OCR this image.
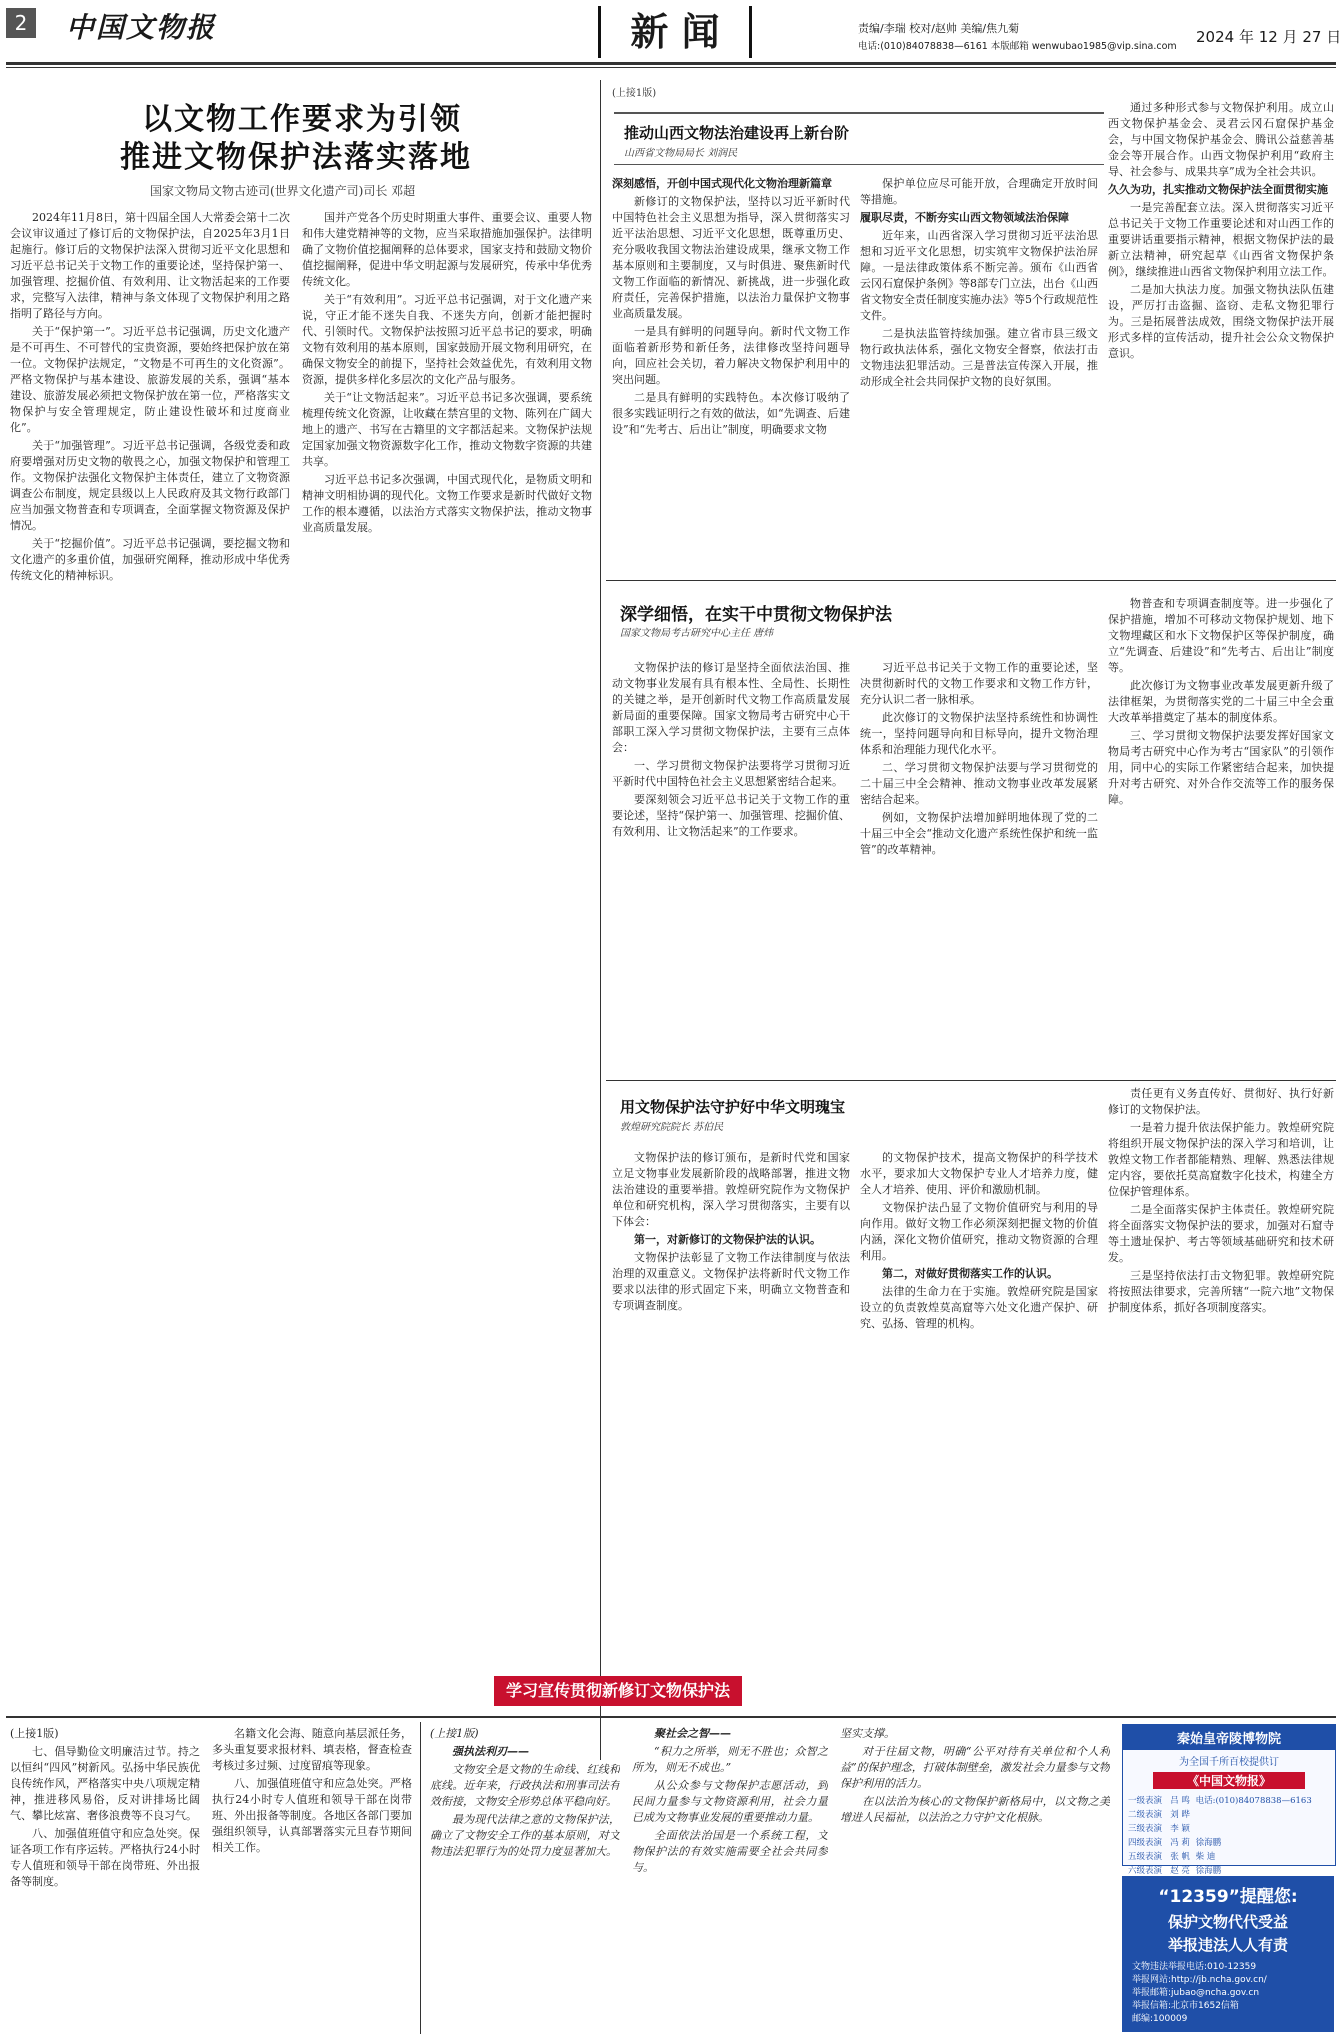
2	中国文物报	新 闻	责编/李瑞 校对/赵帅 美编/焦九菊
电话:(010)84078838—6161 本版邮箱 wenwubao1985@vip.sina.com
2024 年 12 月 27 日
以文物工作要求为引领
推进文物保护法落实落地
国家文物局文物古迹司(世界文化遗产司)司长 邓超

2024年11月8日，第十四届全国人大常委会第十二次会议审议通过了修订后的文物保护法，自2025年3月1日起施行。修订后的文物保护法深入贯彻习近平文化思想和习近平总书记关于文物工作的重要论述，坚持保护第一、加强管理、挖掘价值、有效利用、让文物活起来的工作要求，完整写入法律，精神与条文体现了文物保护利用之路指明了路径与方向。

关于“保护第一”。习近平总书记强调，历史文化遗产是不可再生、不可替代的宝贵资源，要始终把保护放在第一位。文物保护法规定，“文物是不可再生的文化资源”。严格文物保护与基本建设、旅游发展的关系，强调“基本建设、旅游发展必须把文物保护放在第一位，严格落实文物保护与安全管理规定，防止建设性破坏和过度商业化”。

关于“加强管理”。习近平总书记强调，各级党委和政府要增强对历史文物的敬畏之心，加强文物保护和管理工作。文物保护法强化文物保护主体责任，建立了文物资源调查公布制度，规定县级以上人民政府及其文物行政部门应当加强文物普查和专项调查，全面掌握文物资源及保护情况。

关于“挖掘价值”。习近平总书记强调，要挖掘文物和文化遗产的多重价值，加强研究阐释，推动形成中华优秀传统文化的精神标识。

国并产党各个历史时期重大事件、重要会议、重要人物和伟大建党精神等的文物，应当采取措施加强保护。法律明确了文物价值挖掘阐释的总体要求，国家支持和鼓励文物价值挖掘阐释，促进中华文明起源与发展研究，传承中华优秀传统文化。

关于“有效利用”。习近平总书记强调，对于文化遗产来说，守正才能不迷失自我、不迷失方向，创新才能把握时代、引领时代。文物保护法按照习近平总书记的要求，明确文物有效利用的基本原则，国家鼓励开展文物利用研究，在确保文物安全的前提下，坚持社会效益优先，有效利用文物资源，提供多样化多层次的文化产品与服务。

关于“让文物活起来”。习近平总书记多次强调，要系统梳理传统文化资源，让收藏在禁宫里的文物、陈列在广阔大地上的遗产、书写在古籍里的文字都活起来。文物保护法规定国家加强文物资源数字化工作，推动文物数字资源的共建共享。

习近平总书记多次强调，中国式现代化，是物质文明和精神文明相协调的现代化。文物工作要求是新时代做好文物工作的根本遵循，以法治方式落实文物保护法，推动文物事业高质量发展。

(上接1版)
推动山西文物法治建设再上新台阶
山西省文物局局长 刘润民

深刻感悟，开创中国式现代化文物治理新篇章

新修订的文物保护法，坚持以习近平新时代中国特色社会主义思想为指导，深入贯彻落实习近平法治思想、习近平文化思想，既尊重历史、充分吸收我国文物法治建设成果，继承文物工作基本原则和主要制度，又与时俱进、聚焦新时代文物工作面临的新情况、新挑战，进一步强化政府责任，完善保护措施，以法治力量保护文物事业高质量发展。

一是具有鲜明的问题导向。新时代文物工作面临着新形势和新任务，法律修改坚持问题导向，回应社会关切，着力解决文物保护利用中的突出问题。

二是具有鲜明的实践特色。本次修订吸纳了很多实践证明行之有效的做法，如“先调查、后建设”和“先考古、后出让”制度，明确要求文物

保护单位应尽可能开放，合理确定开放时间等措施。

履职尽责，不断夯实山西文物领域法治保障

近年来，山西省深入学习贯彻习近平法治思想和习近平文化思想，切实筑牢文物保护法治屏障。一是法律政策体系不断完善。颁布《山西省云冈石窟保护条例》等8部专门立法，出台《山西省文物安全责任制度实施办法》等5个行政规范性文件。

二是执法监管持续加强。建立省市县三级文物行政执法体系，强化文物安全督察，依法打击文物违法犯罪活动。三是普法宣传深入开展，推动形成全社会共同保护文物的良好氛围。

通过多种形式参与文物保护利用。成立山西文物保护基金会、灵君云冈石窟保护基金会，与中国文物保护基金会、腾讯公益慈善基金会等开展合作。山西文物保护利用“政府主导、社会参与、成果共享”成为全社会共识。

久久为功，扎实推动文物保护法全面贯彻实施

一是完善配套立法。深入贯彻落实习近平总书记关于文物工作重要论述和对山西工作的重要讲话重要指示精神，根据文物保护法的最新立法精神，研究起草《山西省文物保护条例》，继续推进山西省文物保护利用立法工作。

二是加大执法力度。加强文物执法队伍建设，严厉打击盗掘、盗窃、走私文物犯罪行为。三是拓展普法成效，围绕文物保护法开展形式多样的宣传活动，提升社会公众文物保护意识。

深学细悟，在实干中贯彻文物保护法
国家文物局考古研究中心主任 唐炜

文物保护法的修订是坚持全面依法治国、推动文物事业发展有具有根本性、全局性、长期性的关键之举，是开创新时代文物工作高质量发展新局面的重要保障。国家文物局考古研究中心干部职工深入学习贯彻文物保护法，主要有三点体会：

一、学习贯彻文物保护法要将学习贯彻习近平新时代中国特色社会主义思想紧密结合起来。

要深刻领会习近平总书记关于文物工作的重要论述，坚持“保护第一、加强管理、挖掘价值、有效利用、让文物活起来”的工作要求。

习近平总书记关于文物工作的重要论述，坚决贯彻新时代的文物工作要求和文物工作方针，充分认识二者一脉相承。

此次修订的文物保护法坚持系统性和协调性统一，坚持问题导向和目标导向，提升文物治理体系和治理能力现代化水平。

二、学习贯彻文物保护法要与学习贯彻党的二十届三中全会精神、推动文物事业改革发展紧密结合起来。

例如，文物保护法增加鲜明地体现了党的二十届三中全会“推动文化遗产系统性保护和统一监管”的改革精神。

物普查和专项调查制度等。进一步强化了保护措施，增加不可移动文物保护规划、地下文物埋藏区和水下文物保护区等保护制度，确立“先调查、后建设”和“先考古、后出让”制度等。

此次修订为文物事业改革发展更新升级了法律框架，为贯彻落实党的二十届三中全会重大改革举措奠定了基本的制度体系。

三、学习贯彻文物保护法要发挥好国家文物局考古研究中心作为考古“国家队”的引领作用，同中心的实际工作紧密结合起来，加快提升对考古研究、对外合作交流等工作的服务保障。

用文物保护法守护好中华文明瑰宝
敦煌研究院院长 苏伯民

文物保护法的修订颁布，是新时代党和国家立足文物事业发展新阶段的战略部署，推进文物法治建设的重要举措。敦煌研究院作为文物保护单位和研究机构，深入学习贯彻落实，主要有以下体会：

第一，对新修订的文物保护法的认识。

文物保护法彰显了文物工作法律制度与依法治理的双重意义。文物保护法将新时代文物工作要求以法律的形式固定下来，明确立文物普查和专项调查制度。

的文物保护技术，提高文物保护的科学技术水平，要求加大文物保护专业人才培养力度，健全人才培养、使用、评价和激励机制。

文物保护法凸显了文物价值研究与利用的导向作用。做好文物工作必须深刻把握文物的价值内涵，深化文物价值研究，推动文物资源的合理利用。

第二，对做好贯彻落实工作的认识。

法律的生命力在于实施。敦煌研究院是国家设立的负责敦煌莫高窟等六处文化遗产保护、研究、弘扬、管理的机构。

责任更有义务直传好、贯彻好、执行好新修订的文物保护法。

一是着力提升依法保护能力。敦煌研究院将组织开展文物保护法的深入学习和培训，让敦煌文物工作者都能精熟、理解、熟悉法律规定内容，要依托莫高窟数字化技术，构建全方位保护管理体系。

二是全面落实保护主体责任。敦煌研究院将全面落实文物保护法的要求，加强对石窟寺等土遗址保护、考古等领域基础研究和技术研发。

三是坚持依法打击文物犯罪。敦煌研究院将按照法律要求，完善所辖“一院六地”文物保护制度体系，抓好各项制度落实。

学习宣传贯彻新修订文物保护法

(上接1版)

七、倡导勤俭文明廉洁过节。持之以恒纠“四风”树新风。弘扬中华民族优良传统作风，严格落实中央八项规定精神，推进移风易俗，反对讲排场比阔气、攀比炫富、奢侈浪费等不良习气。

八、加强值班值守和应急处突。保证各项工作有序运转。严格执行24小时专人值班和领导干部在岗带班、外出报备等制度。

名籍文化会海、随意向基层派任务，多头重复要求报材料、填表格，督查检查考核过多过频、过度留痕等现象。

八、加强值班值守和应急处突。严格执行24小时专人值班和领导干部在岗带班、外出报备等制度。各地区各部门要加强组织领导，认真部署落实元旦春节期间相关工作。

(上接1版)

强执法利刃——

文物安全是文物的生命线、红线和底线。近年来，行政执法和刑事司法有效衔接，文物安全形势总体平稳向好。

最为现代法律之意的文物保护法，确立了文物安全工作的基本原则，对文物违法犯罪行为的处罚力度显著加大。

聚社会之智——

“积力之所举，则无不胜也；众智之所为，则无不成也。”

从公众参与文物保护志愿活动，到民间力量参与文物资源利用，社会力量已成为文物事业发展的重要推动力量。

全面依法治国是一个系统工程，文物保护法的有效实施需要全社会共同参与。

坚实支撑。

对于往届文物，明确“公平对待有关单位和个人利益”的保护理念，打破体制壁垒，激发社会力量参与文物保护利用的活力。

在以法治为核心的文物保护新格局中，以文物之美增进人民福祉，以法治之力守护文化根脉。

秦始皇帝陵博物院
为全国千所百校提供订
《中国文物报》
一级表演	吕 鸣	电话:(010)84078838—6163
二级表演	刘 晔	
三级表演	李 颖	
四级表演	冯 莉	徐海鹏
五级表演	张 帆	柴 迪
六级表演	赵 亮	徐海鹏
“12359”提醒您:
保护文物代代受益
举报违法人人有责
文物违法举报电话:010-12359
举报网站:http://jb.ncha.gov.cn/
举报邮箱:jubao@ncha.gov.cn
举报信箱:北京市1652信箱
邮编:100009
